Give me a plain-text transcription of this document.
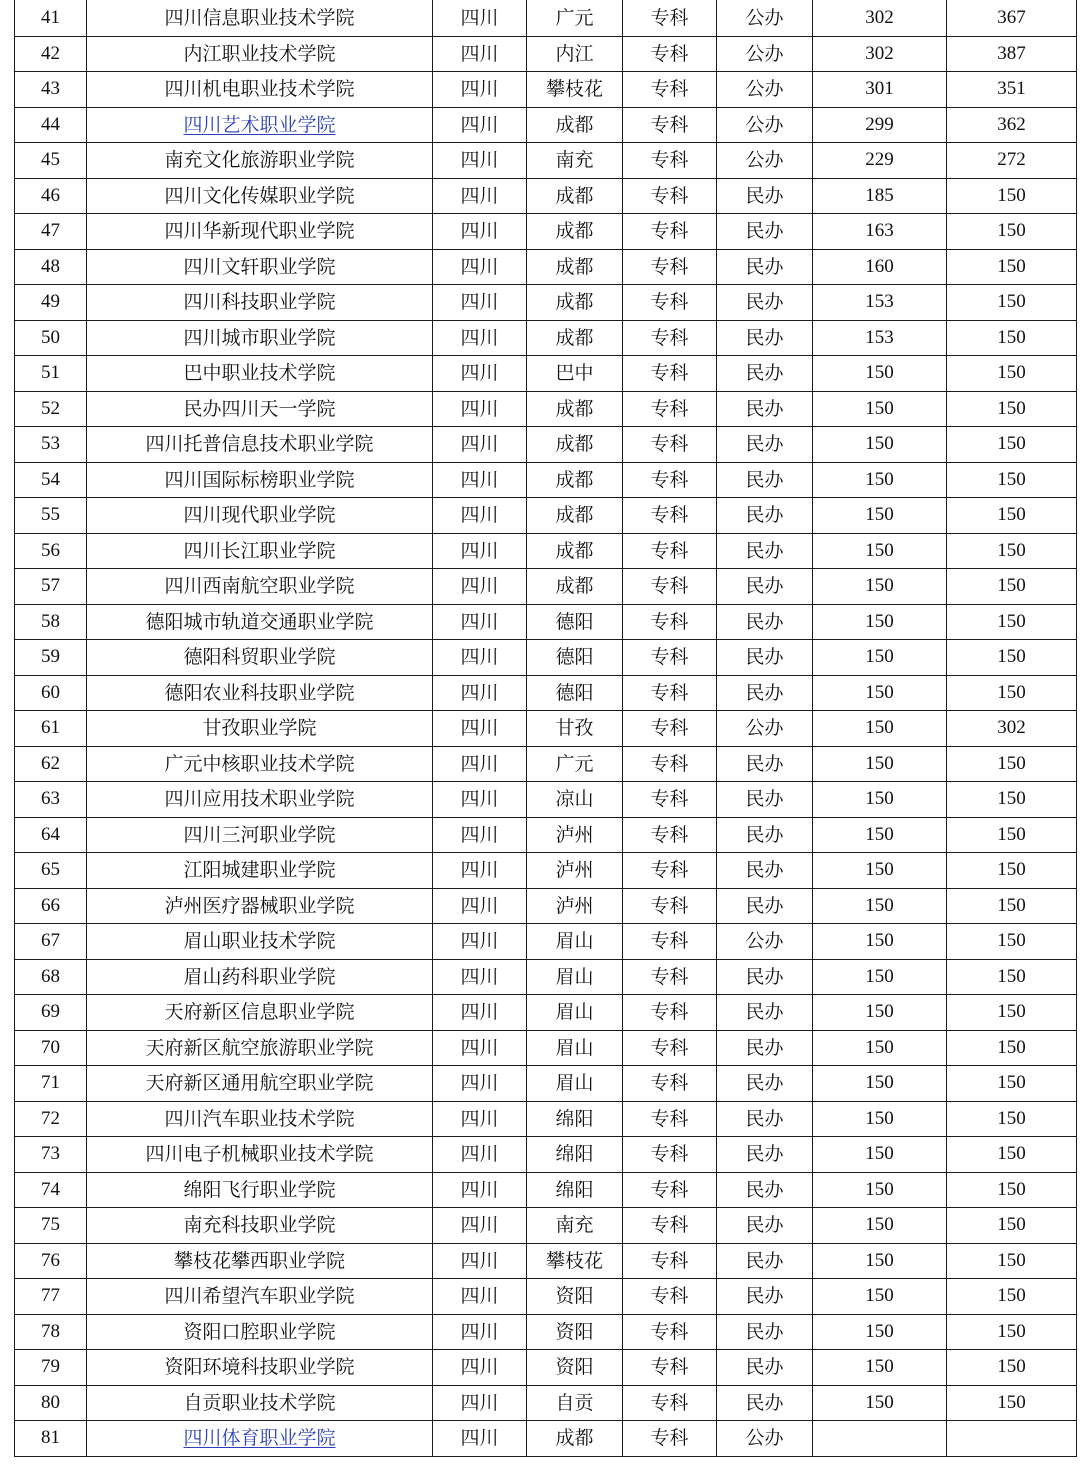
41	四川信息职业技术学院	四川	广元	专科	公办	302	367
42	内江职业技术学院	四川	内江	专科	公办	302	387
43	四川机电职业技术学院	四川	攀枝花	专科	公办	301	351
44	四川艺术职业学院	四川	成都	专科	公办	299	362
45	南充文化旅游职业学院	四川	南充	专科	公办	229	272
46	四川文化传媒职业学院	四川	成都	专科	民办	185	150
47	四川华新现代职业学院	四川	成都	专科	民办	163	150
48	四川文轩职业学院	四川	成都	专科	民办	160	150
49	四川科技职业学院	四川	成都	专科	民办	153	150
50	四川城市职业学院	四川	成都	专科	民办	153	150
51	巴中职业技术学院	四川	巴中	专科	民办	150	150
52	民办四川天一学院	四川	成都	专科	民办	150	150
53	四川托普信息技术职业学院	四川	成都	专科	民办	150	150
54	四川国际标榜职业学院	四川	成都	专科	民办	150	150
55	四川现代职业学院	四川	成都	专科	民办	150	150
56	四川长江职业学院	四川	成都	专科	民办	150	150
57	四川西南航空职业学院	四川	成都	专科	民办	150	150
58	德阳城市轨道交通职业学院	四川	德阳	专科	民办	150	150
59	德阳科贸职业学院	四川	德阳	专科	民办	150	150
60	德阳农业科技职业学院	四川	德阳	专科	民办	150	150
61	甘孜职业学院	四川	甘孜	专科	公办	150	302
62	广元中核职业技术学院	四川	广元	专科	民办	150	150
63	四川应用技术职业学院	四川	凉山	专科	民办	150	150
64	四川三河职业学院	四川	泸州	专科	民办	150	150
65	江阳城建职业学院	四川	泸州	专科	民办	150	150
66	泸州医疗器械职业学院	四川	泸州	专科	民办	150	150
67	眉山职业技术学院	四川	眉山	专科	公办	150	150
68	眉山药科职业学院	四川	眉山	专科	民办	150	150
69	天府新区信息职业学院	四川	眉山	专科	民办	150	150
70	天府新区航空旅游职业学院	四川	眉山	专科	民办	150	150
71	天府新区通用航空职业学院	四川	眉山	专科	民办	150	150
72	四川汽车职业技术学院	四川	绵阳	专科	民办	150	150
73	四川电子机械职业技术学院	四川	绵阳	专科	民办	150	150
74	绵阳飞行职业学院	四川	绵阳	专科	民办	150	150
75	南充科技职业学院	四川	南充	专科	民办	150	150
76	攀枝花攀西职业学院	四川	攀枝花	专科	民办	150	150
77	四川希望汽车职业学院	四川	资阳	专科	民办	150	150
78	资阳口腔职业学院	四川	资阳	专科	民办	150	150
79	资阳环境科技职业学院	四川	资阳	专科	民办	150	150
80	自贡职业技术学院	四川	自贡	专科	民办	150	150
81	四川体育职业学院	四川	成都	专科	公办		
